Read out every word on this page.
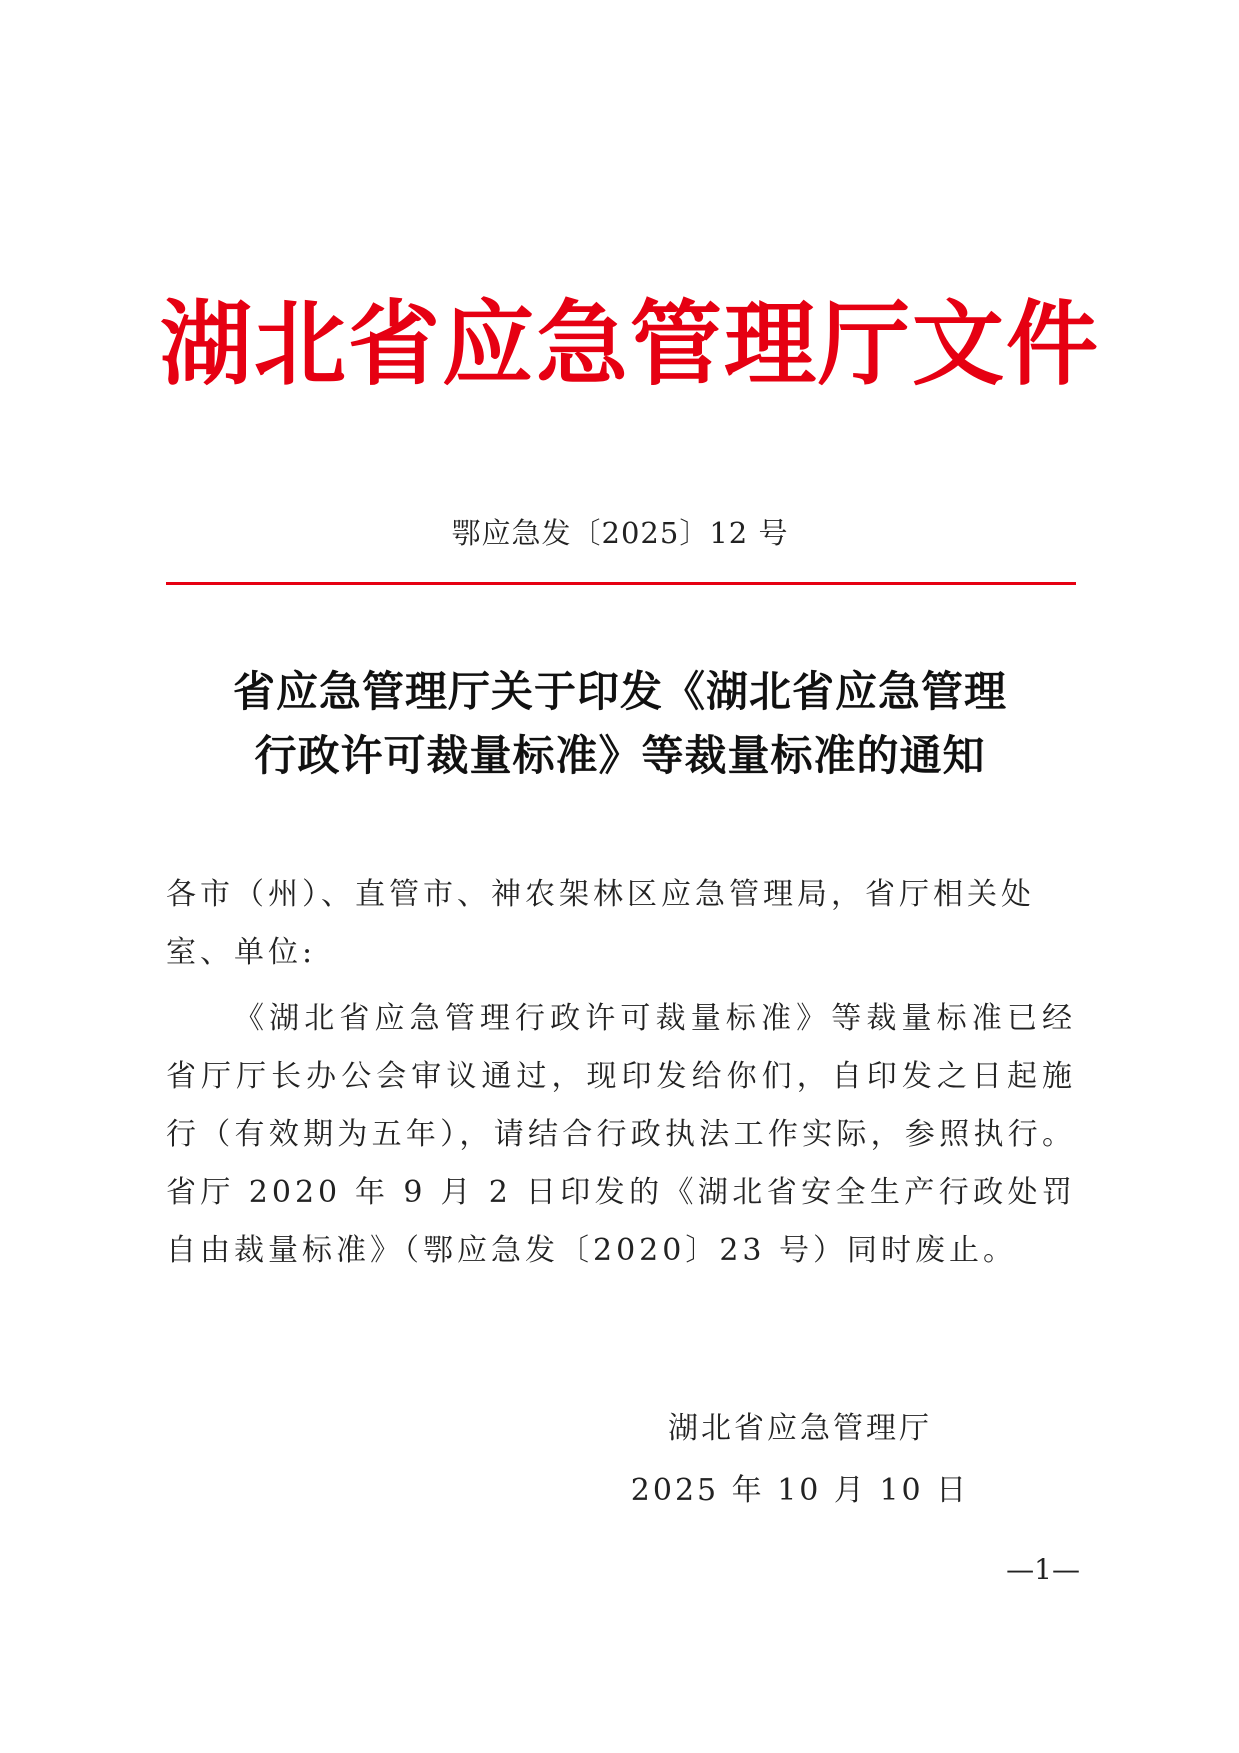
湖北省应急管理厅文件
鄂应急发〔2025〕12 号
省应急管理厅关于印发《湖北省应急管理
行政许可裁量标准》等裁量标准的通知
各市（州）、直管市、神农架林区应急管理局，省厅相关处室、单位:
《湖北省应急管理行政许可裁量标准》等裁量标准已经省厅厅长办公会审议通过，现印发给你们，自印发之日起施行（有效期为五年），请结合行政执法工作实际，参照执行。省厅 2020 年 9 月 2 日印发的《湖北省安全生产行政处罚自由裁量标准》（鄂应急发〔2020〕23 号）同时废止。
湖北省应急管理厅
2025 年 10 月 10 日
—1—
